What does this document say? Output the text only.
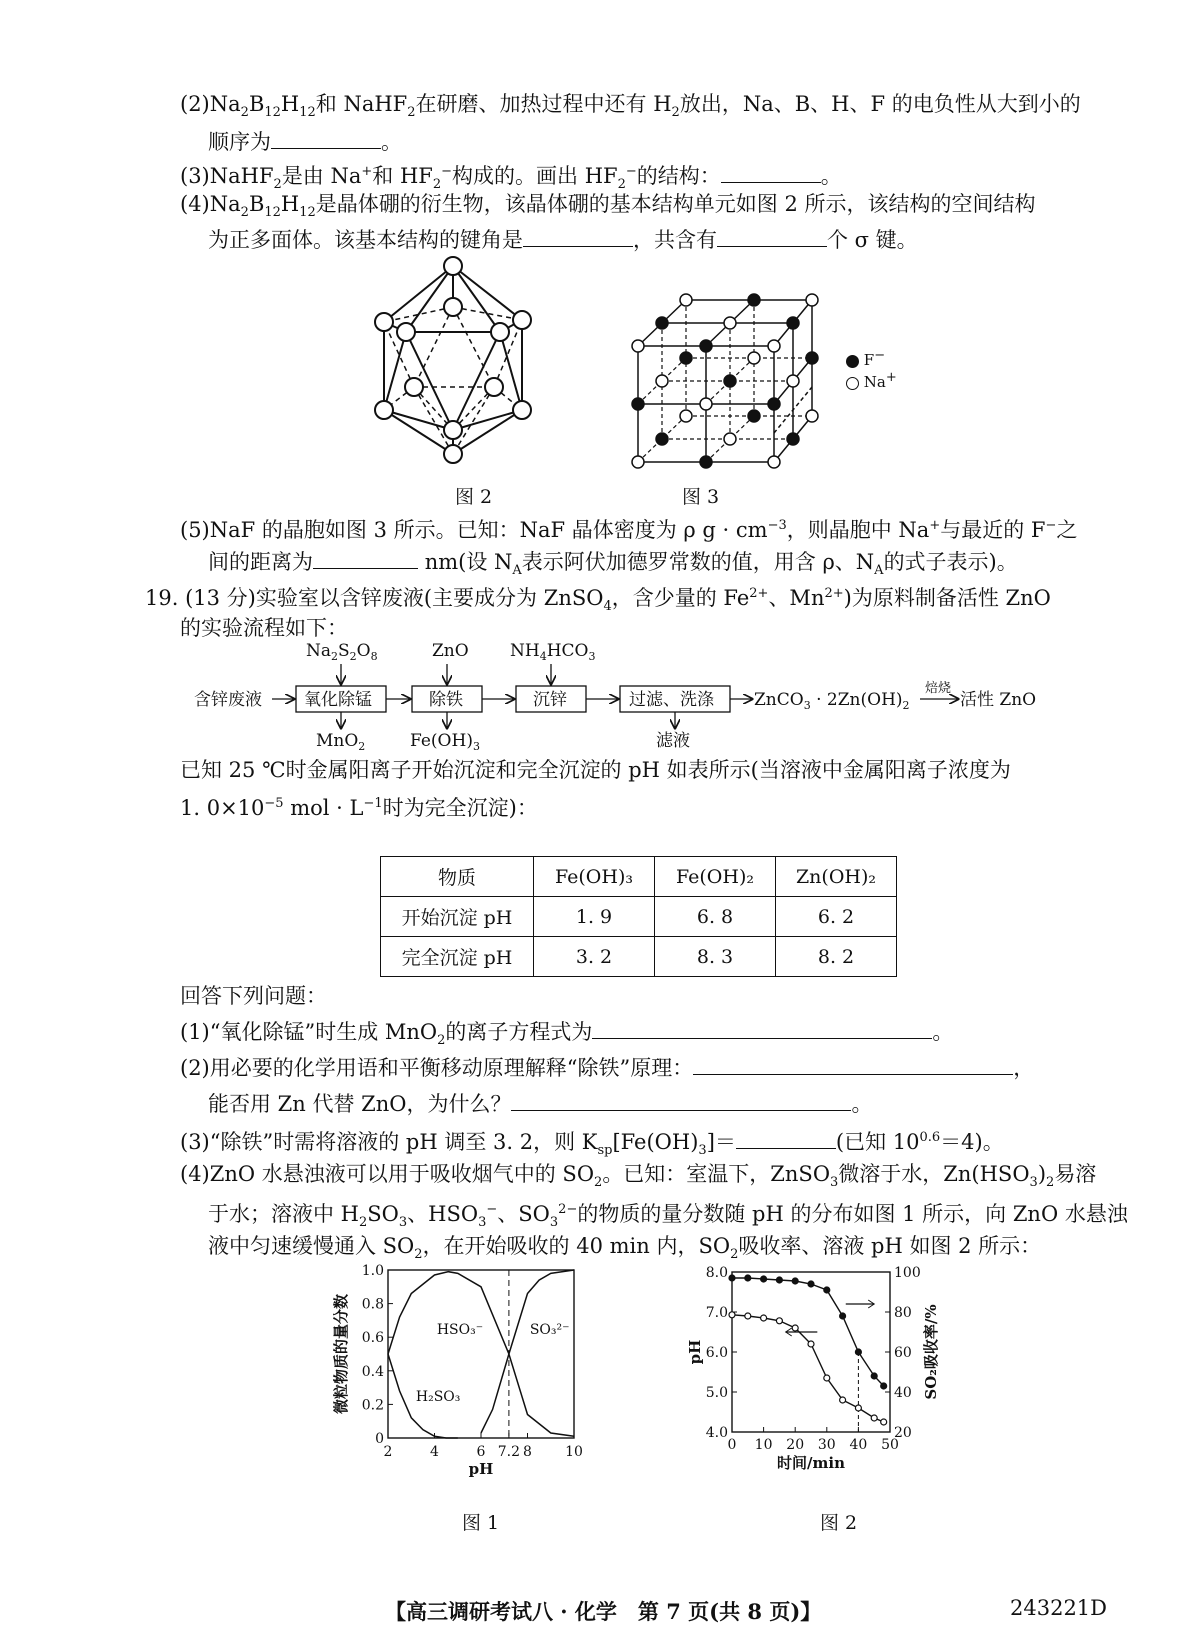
$(2)Na_2B_{12}H_{12}$和 NaHF$_2$在研磨、加热过程中还有 $H_2$放出，Na、B、H、F 的电负性从大到小的
顺序为	。
(3)NaHF$_2$是由 Na+和 $HF_2^-$构成的。画出 $HF_2^-$的结构：	。
$(4)Na_2B_{12}H_{12}$是晶体硼的衍生物，该晶体硼的基本结构单元如图 2 所示，该结构的空间结构
为正多面体。该基本结构的键角是	，共含有	个 σ 键。
图 2
F−
Na+
图 3
(5)NaF 的晶胞如图 3 所示。已知：NaF 晶体密度为 ρ $g \cdot cm^{-3}$，则晶胞中 Na+与最近的 F−之
间的距离为	nm(设 $N_A$表示阿伏加德罗常数的值，用含 ρ、$N_A$的式子表示)。
19. (13 分)实验室以含锌废液(主要成分为 ZnSO$_4$，含少量的 $Fe^{2+}$、$Mn^{2+}$)为原料制备活性 ZnO
的实验流程如下：
含锌废液 氧化除锰	除铁	沉锌	过滤、洗涤 ZnCO$_3$ · $2Zn(OH)_2$
焙烧
活性 ZnO
$Na_2S_2O_8$	ZnO $NH_4HCO_3$
MnO$_2$	$Fe(OH)_3$	滤液
已知 25 ℃时金属阳离子开始沉淀和完全沉淀的 pH 如表所示(当溶液中金属阳离子浓度为
1. $0\times 10^{-5}$ mol · $L^{-1}$时为完全沉淀)：
物质	Fe(OH)₃	Fe(OH)₂	Zn(OH)₂
开始沉淀 pH	1. 9	6. 8	6. 2
完全沉淀 pH	3. 2	8. 3	8. 2
回答下列问题：
(1)“氧化除锰”时生成 MnO$_2$的离子方程式为	。
(2)用必要的化学用语和平衡移动原理解释“除铁”原理：	，
能否用 Zn 代替 ZnO，为什么？	。
(3)“除铁”时需将溶液的 pH 调至 3. 2，则 $K_{sp}[Fe(OH)_3]=$	(已知 $10^{0.6}=4$)。
(4)ZnO 水悬浊液可以用于吸收烟气中的 $SO_2$。已知：室温下，ZnSO$_3$微溶于水，$Zn(HSO_3)_2$易溶
于水；溶液中 $H_2SO_3$、$HSO_3^-$、$SO_3^{2-}$的物质的量分数随 pH 的分布如图 1 所示，向 ZnO 水悬浊
液中匀速缓慢通入 $SO_2$，在开始吸收的 40 min 内，$SO_2$吸收率、溶液 pH 如图 2 所示：
2	4	6 7.2 8 10
0
0.2
0.4
0.6
0.8
1.0
pH
微粒物质的量分数	HSO₃⁻	SO₃²⁻
H₂SO₃
图 1
0 10 20 30 40 50
4.0
5.0
6.0
7.0
8.0
20
40
60
80
100
时间/min
pH	SO₂吸收率/%
图 2
【高三调研考试八 · 化学　第 7 页(共 8 页)】	243221D
